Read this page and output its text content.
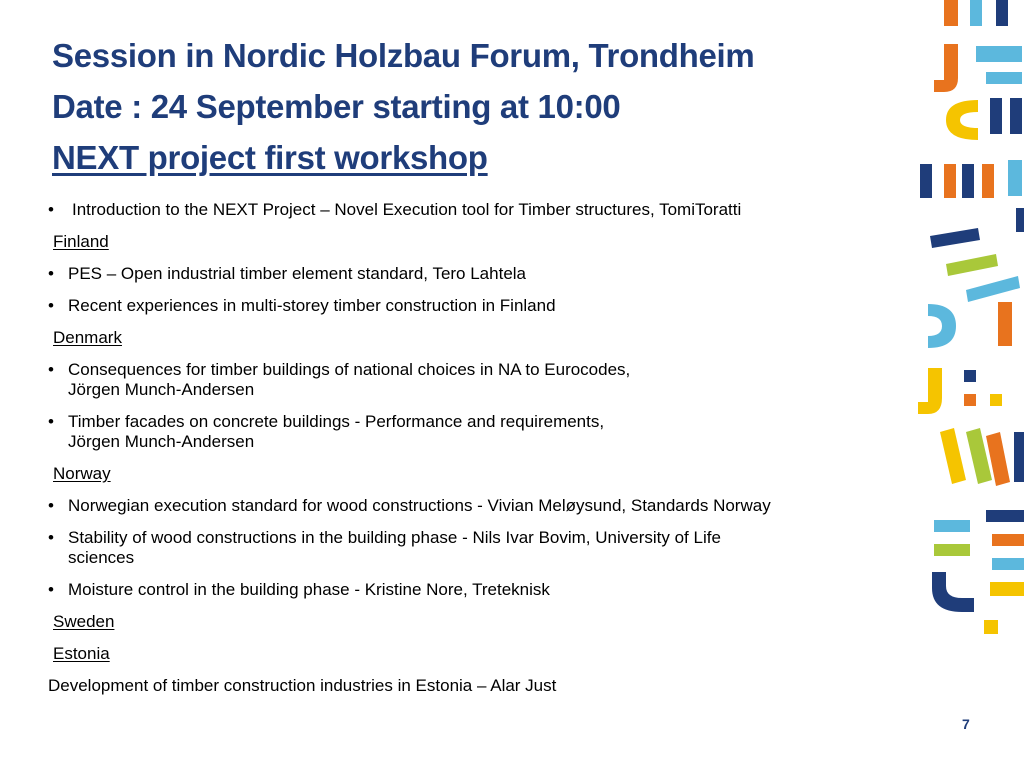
Session in Nordic Holzbau Forum, Trondheim
Date : 24 September starting at 10:00
NEXT project first workshop
• Introduction to the NEXT Project – Novel Execution tool for Timber structures, TomiToratti
Finland
• PES – Open industrial timber element standard, Tero Lahtela
• Recent experiences in multi-storey timber construction in Finland
Denmark
• Consequences for timber buildings of national choices in NA to Eurocodes,
Jörgen Munch-Andersen
• Timber facades on concrete buildings - Performance and requirements,
Jörgen Munch-Andersen
Norway
• Norwegian execution standard for wood constructions - Vivian Meløysund, Standards Norway
• Stability of wood constructions in the building phase - Nils Ivar Bovim, University of Life
sciences
• Moisture control in the building phase - Kristine Nore, Treteknisk
Sweden
Estonia
Development of timber construction industries in Estonia – Alar Just
7
